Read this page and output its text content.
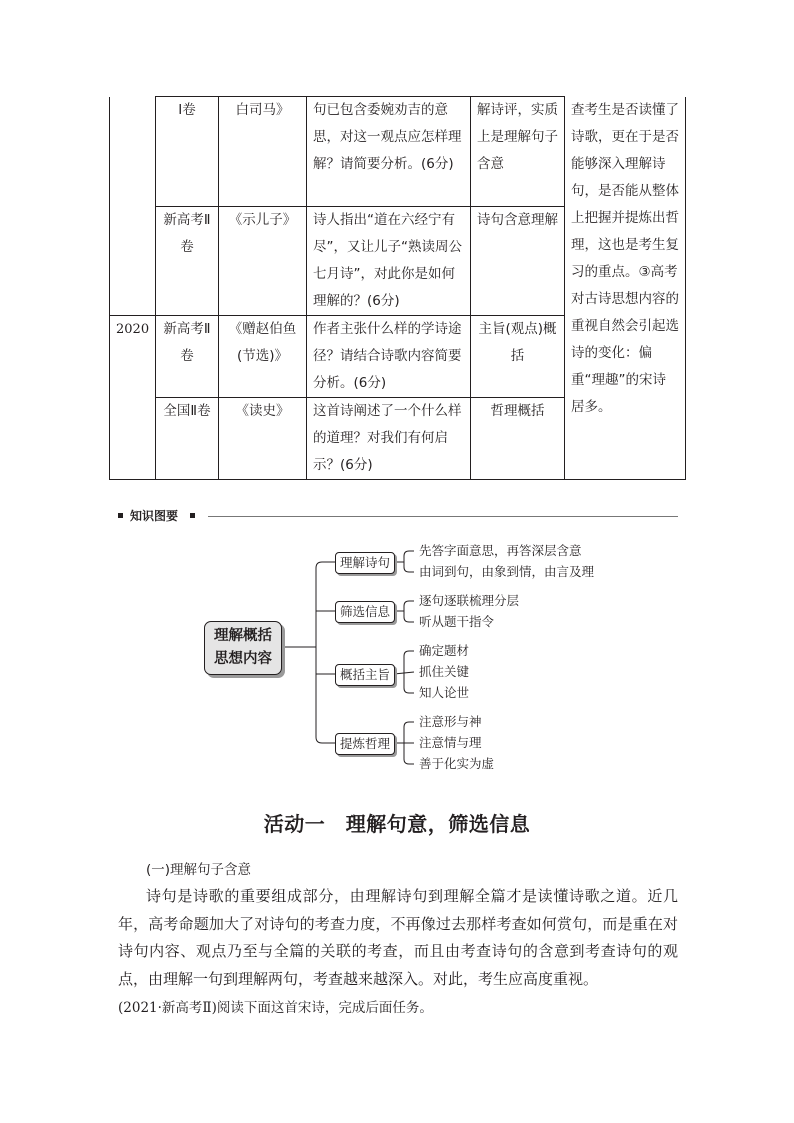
	Ⅰ卷	白司马》	句已包含委婉劝吉的意思，对这一观点应怎样理解？请简要分析。(6分)	解诗评，实质上是理解句子含意	查考生是否读懂了诗歌，更在于是否能够深入理解诗句，是否能从整体上把握并提炼出哲理，这也是考生复习的重点。③高考对古诗思想内容的重视自然会引起选诗的变化：偏重“理趣”的宋诗居多。
	新高考Ⅱ卷	《示儿子》	诗人指出“道在六经宁有尽”，又让儿子“熟读周公七月诗”，对此你是如何理解的？(6分)	诗句含意理解	
2020	新高考Ⅱ卷	《赠赵伯鱼(节选)》	作者主张什么样的学诗途径？请结合诗歌内容简要分析。(6分)	主旨(观点)概括	
	全国Ⅱ卷	《读史》	这首诗阐述了一个什么样的道理？对我们有何启示？(6分)	哲理概括	
知识图要
理解概括
思想内容
理解诗句
筛选信息
概括主旨
提炼哲理
先答字面意思，再答深层含意
由词到句，由象到情，由言及理
逐句逐联梳理分层
听从题干指令
确定题材
抓住关键
知人论世
注意形与神
注意情与理
善于化实为虚
活动一　理解句意，筛选信息
(一)理解句子含意

诗句是诗歌的重要组成部分，由理解诗句到理解全篇才是读懂诗歌之道。近几年，高考命题加大了对诗句的考查力度，不再像过去那样考查如何赏句，而是重在对诗句内容、观点乃至与全篇的关联的考查，而且由考查诗句的含意到考查诗句的观点，由理解一句到理解两句，考查越来越深入。对此，考生应高度重视。

(2021·新高考Ⅱ)阅读下面这首宋诗，完成后面任务。
